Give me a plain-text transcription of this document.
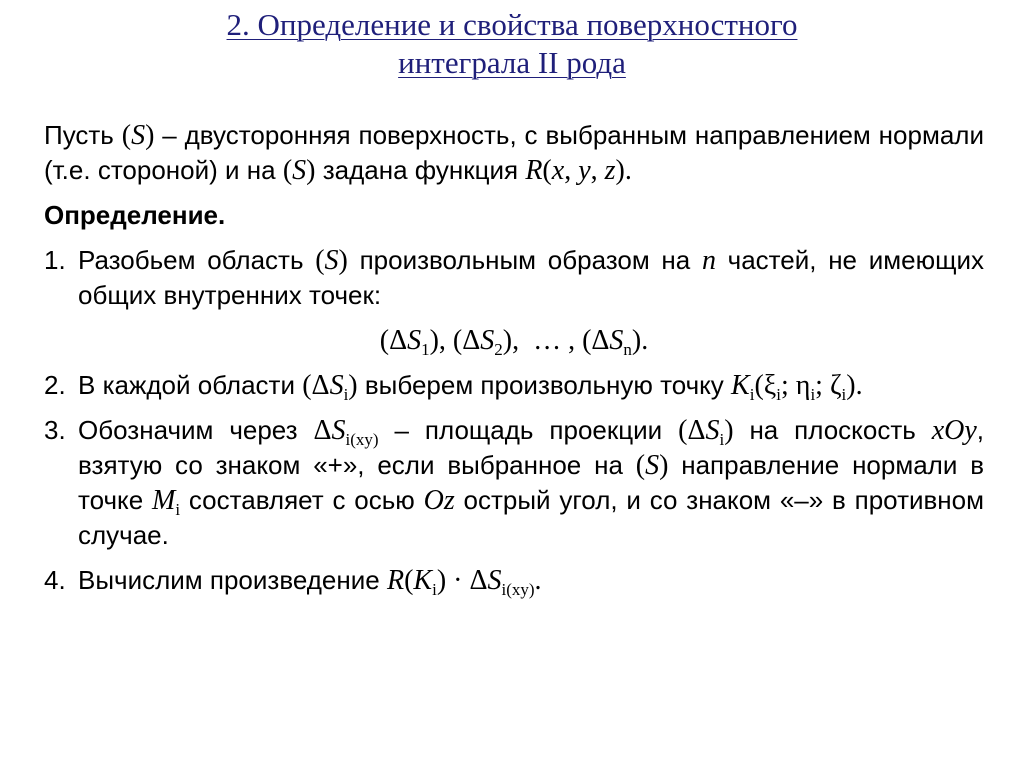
2. Определение и свойства поверхностного
интеграла II рода

Пусть (S) – двусторонняя поверхность, с выбранным направлением нормали (т.е. стороной) и на (S) задана функция R(x, y, z).

Определение.

1. Разобьем область (S) произвольным образом на n частей, не имеющих общих внутренних точек:
$(\Delta S_1)$, $(\Delta S_2)$,  … , $(\Delta S_n)$.
2. В каждой области $(\Delta S_i)$ выберем произвольную точку $K_i(\xi_i$; $\eta_i$; $\zeta_i$).
3. Обозначим через $\Delta S_{i(xy)}$ – площадь проекции $(\Delta S_i)$ на плоскость xOy, взятую со знаком «+», если выбранное на (S) направление нормали в точке $M_i$ составляет с осью Oz острый угол, и со знаком «–» в противном случае.
4. Вычислим произведение $R(K_i) \cdot \Delta S_{i(xy)}$.
